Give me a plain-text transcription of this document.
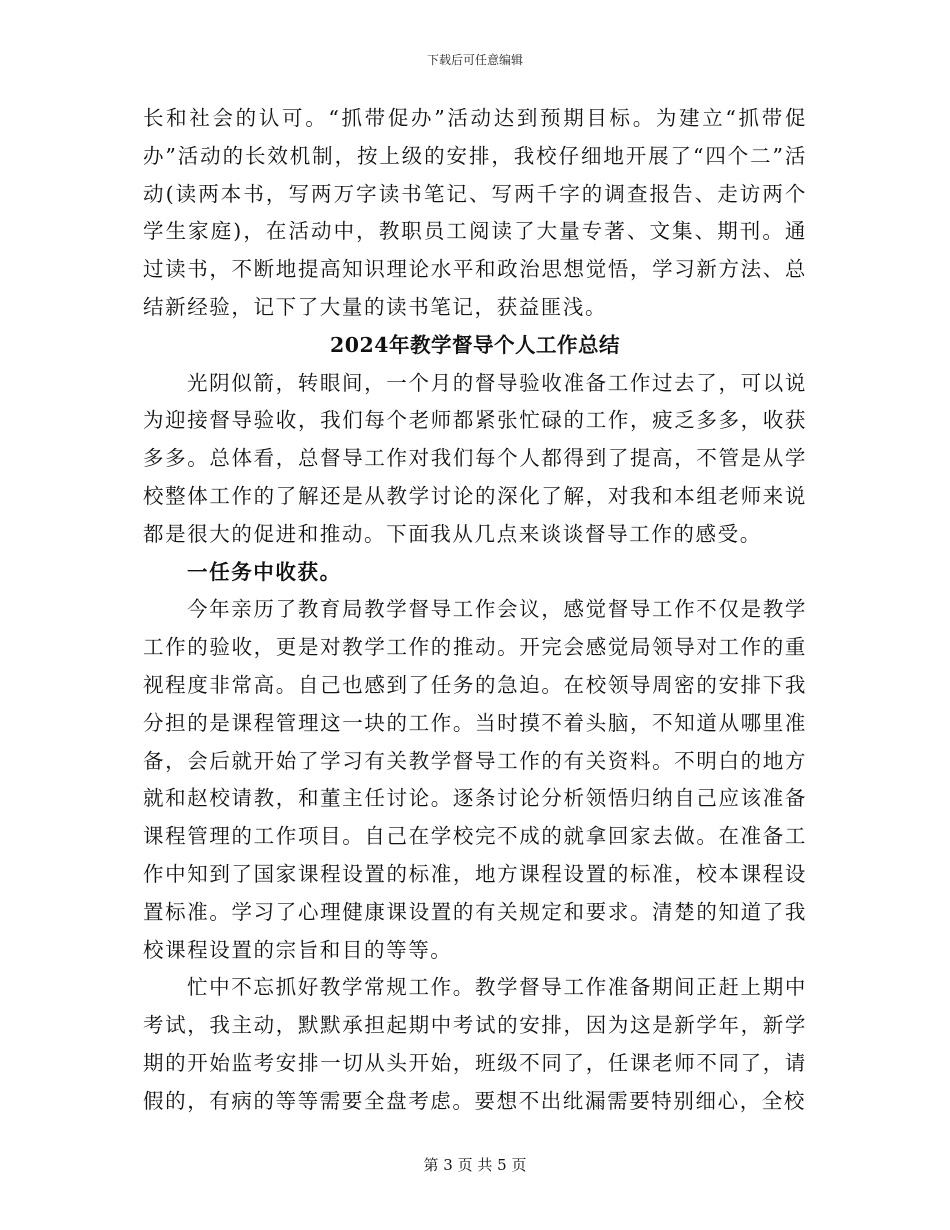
下载后可任意编辑

长和社会的认可。“抓带促办”活动达到预期目标。为建立“抓带促办”活动的长效机制，按上级的安排，我校仔细地开展了“四个二”活动(读两本书，写两万字读书笔记、写两千字的调查报告、走访两个学生家庭)，在活动中，教职员工阅读了大量专著、文集、期刊。通过读书，不断地提高知识理论水平和政治思想觉悟，学习新方法、总结新经验，记下了大量的读书笔记，获益匪浅。

2024年教学督导个人工作总结

光阴似箭，转眼间，一个月的督导验收准备工作过去了，可以说为迎接督导验收，我们每个老师都紧张忙碌的工作，疲乏多多，收获多多。总体看，总督导工作对我们每个人都得到了提高，不管是从学校整体工作的了解还是从教学讨论的深化了解，对我和本组老师来说都是很大的促进和推动。下面我从几点来谈谈督导工作的感受。

一任务中收获。

今年亲历了教育局教学督导工作会议，感觉督导工作不仅是教学工作的验收，更是对教学工作的推动。开完会感觉局领导对工作的重视程度非常高。自己也感到了任务的急迫。在校领导周密的安排下我分担的是课程管理这一块的工作。当时摸不着头脑，不知道从哪里准备，会后就开始了学习有关教学督导工作的有关资料。不明白的地方就和赵校请教，和董主任讨论。逐条讨论分析领悟归纳自己应该准备课程管理的工作项目。自己在学校完不成的就拿回家去做。在准备工作中知到了国家课程设置的标准，地方课程设置的标准，校本课程设置标准。学习了心理健康课设置的有关规定和要求。清楚的知道了我校课程设置的宗旨和目的等等。

忙中不忘抓好教学常规工作。教学督导工作准备期间正赶上期中考试，我主动，默默承担起期中考试的安排，因为这是新学年，新学期的开始监考安排一切从头开始，班级不同了，任课老师不同了，请假的，有病的等等需要全盘考虑。要想不出纰漏需要特别细心，全校

第 3 页 共 5 页
